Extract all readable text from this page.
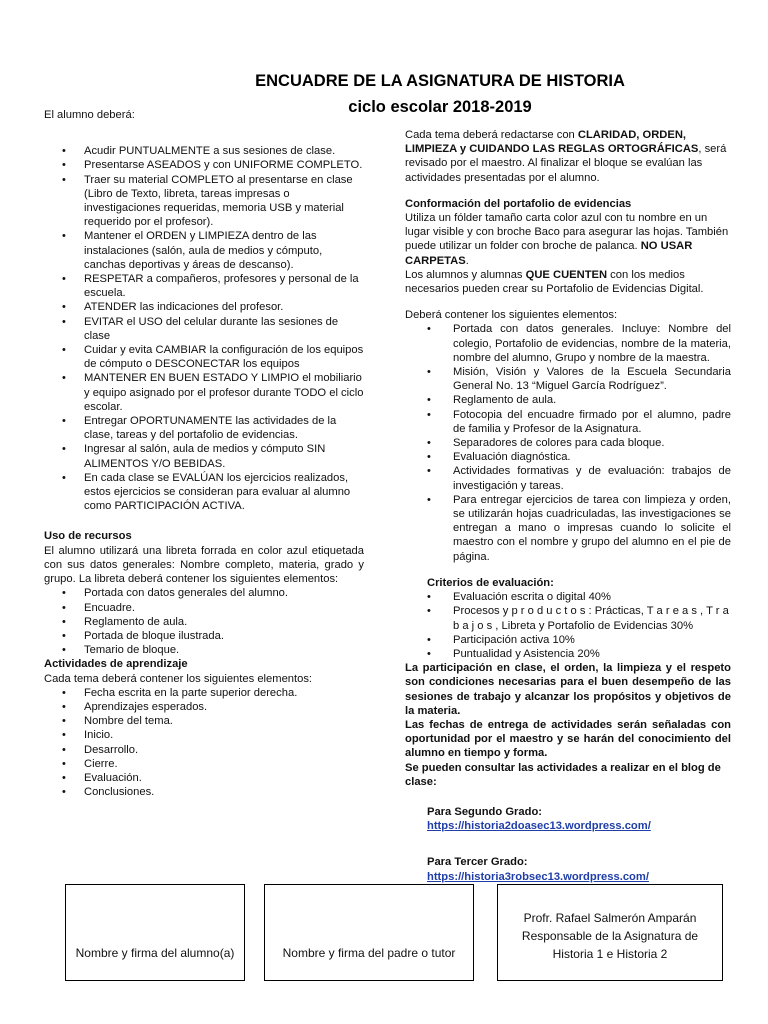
ENCUADRE DE LA ASIGNATURA DE HISTORIA
ciclo escolar 2018-2019

El alumno deberá:

• Acudir PUNTUALMENTE a sus sesiones de clase.
• Presentarse ASEADOS y con UNIFORME COMPLETO.
• Traer su material COMPLETO al presentarse en clase (Libro de Texto, libreta, tareas impresas o investigaciones requeridas, memoria USB y material requerido por el profesor).
• Mantener el ORDEN y LIMPIEZA dentro de las instalaciones (salón, aula de medios y cómputo, canchas deportivas y áreas de descanso).
• RESPETAR a compañeros, profesores y personal de la escuela.
• ATENDER las indicaciones del profesor.
• EVITAR el USO del celular durante las sesiones de clase
• Cuidar y evita CAMBIAR la configuración de los equipos de cómputo o DESCONECTAR los equipos
• MANTENER EN BUEN ESTADO Y LIMPIO el mobiliario y equipo asignado por el profesor durante TODO el ciclo escolar.
• Entregar OPORTUNAMENTE las actividades de la clase, tareas y del portafolio de evidencias.
• Ingresar al salón, aula de medios y cómputo SIN ALIMENTOS Y/O BEBIDAS.
• En cada clase se EVALÚAN los ejercicios realizados, estos ejercicios se consideran para evaluar al alumno como PARTICIPACIÓN ACTIVA.

Uso de recursos

El alumno utilizará una libreta forrada en color azul etiquetada con sus datos generales: Nombre completo, materia, grado y grupo. La libreta deberá contener los siguientes elementos:

• Portada con datos generales del alumno.
• Encuadre.
• Reglamento de aula.
• Portada de bloque ilustrada.
• Temario de bloque.

Actividades de aprendizaje

Cada tema deberá contener los siguientes elementos:

• Fecha escrita en la parte superior derecha.
• Aprendizajes esperados.
• Nombre del tema.
• Inicio.
• Desarrollo.
• Cierre.
• Evaluación.
• Conclusiones.

Cada tema deberá redactarse con CLARIDAD, ORDEN, LIMPIEZA y CUIDANDO LAS REGLAS ORTOGRÁFICAS, será revisado por el maestro. Al finalizar el bloque se evalúan las actividades presentadas por el alumno.

Conformación del portafolio de evidencias

Utiliza un fólder tamaño carta color azul con tu nombre en un lugar visible y con broche Baco para asegurar las hojas. También puede utilizar un folder con broche de palanca. NO USAR CARPETAS.

Los alumnos y alumnas QUE CUENTEN con los medios necesarios pueden crear su Portafolio de Evidencias Digital.

Deberá contener los siguientes elementos:

• Portada con datos generales. Incluye: Nombre del colegio, Portafolio de evidencias, nombre de la materia, nombre del alumno, Grupo y nombre de la maestra.
• Misión, Visión y Valores de la Escuela Secundaria General No. 13 “Miguel García Rodríguez”.
• Reglamento de aula.
• Fotocopia del encuadre firmado por el alumno, padre de familia y Profesor de la Asignatura.
• Separadores de colores para cada bloque.
• Evaluación diagnóstica.
• Actividades formativas y de evaluación: trabajos de investigación y tareas.
• Para entregar ejercicios de tarea con limpieza y orden, se utilizarán hojas cuadriculadas, las investigaciones se entregan a mano o impresas cuando lo solicite el maestro con el nombre y grupo del alumno en el pie de página.

Criterios de evaluación:

• Evaluación escrita o digital 40%
• Procesos y p r o d u c t o s : Prácticas, T a r e a s , T r a b a j o s , Libreta y Portafolio de Evidencias 30%
• Participación activa 10%
• Puntualidad y Asistencia 20%

La participación en clase, el orden, la limpieza y el respeto son condiciones necesarias para el buen desempeño de las sesiones de trabajo y alcanzar los propósitos y objetivos de la materia.

Las fechas de entrega de actividades serán señaladas con oportunidad por el maestro y se harán del conocimiento del alumno en tiempo y forma.

Se pueden consultar las actividades a realizar en el blog de clase:

Para Segundo Grado:

https://historia2doasec13.wordpress.com/

Para Tercer Grado:

https://historia3robsec13.wordpress.com/
Nombre y firma del alumno(a)	Nombre y firma del padre o tutor
Profr. Rafael Salmerón Amparán
Responsable de la Asignatura de
Historia 1 e Historia 2
